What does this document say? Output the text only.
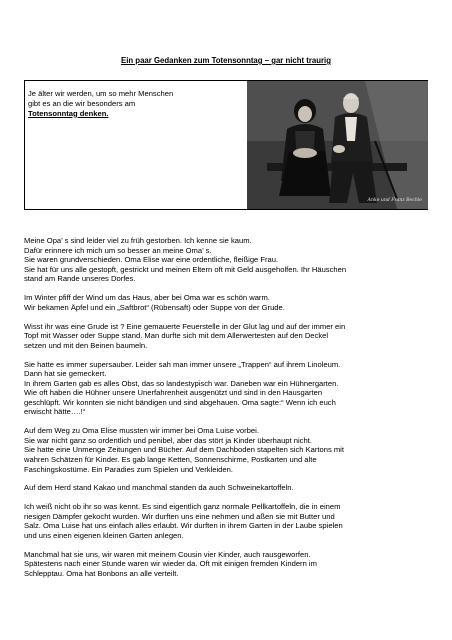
Ein paar Gedanken zum Totensonntag – gar nicht traurig
Je älter wir werden, um so mehr Menschen
gibt es an die wir besonders am
Totensonntag denken.
Anke und Franz Bechle

Meine Opa’ s sind leider viel zu früh gestorben. Ich kenne sie kaum.
Dafür erinnere ich mich um so besser an meine Oma’ s.
Sie waren grundverschieden. Oma Elise war eine ordentliche, fleißige Frau.
Sie hat für uns alle gestopft, gestrickt und meinen Eltern oft mit Geld ausgeholfen. Ihr Häuschen
stand am Rande unseres Dorfes.

Im Winter pfiff der Wind um das Haus, aber bei Oma war es schön warm.
Wir bekamen Äpfel und ein „Saftbrot“ (Rübensaft) oder Suppe von der Grude.

Wisst ihr was eine Grude ist ? Eine gemauerte Feuerstelle in der Glut lag und auf der immer ein
Topf mit Wasser oder Suppe stand. Man durfte sich mit dem Allerwertesten auf den Deckel
setzen und mit den Beinen baumeln.

Sie hatte es immer supersauber. Leider sah man immer unsere „Trappen“ auf ihrem Linoleum.
Dann hat sie gemeckert.
In ihrem Garten gab es alles Obst, das so landestypisch war. Daneben war ein Hühnergarten.
Wie oft haben die Hühner unsere Unerfahrenheit ausgenützt und sind in den Hausgarten
geschlüpft. Wir konnten sie nicht bändigen und sind abgehauen. Oma sagte:“ Wenn ich euch
erwischt hätte….!“

Auf dem Weg zu Oma Elise mussten wir immer bei Oma Luise vorbei.
Sie war nicht ganz so ordentlich und penibel, aber das stört ja Kinder überhaupt nicht.
Sie hatte eine Unmenge Zeitungen und Bücher. Auf dem Dachboden stapelten sich Kartons mit
wahren Schätzen für Kinder. Es gab lange Ketten, Sonnenschirme, Postkarten und alte
Faschingskostüme. Ein Paradies zum Spielen und Verkleiden.

Auf dem Herd stand Kakao und manchmal standen da auch Schweinekartoffeln.

Ich weiß nicht ob ihr so was kennt. Es sind eigentlich ganz normale Pellkartoffeln, die in einem
riesigen Dämpfer gekocht wurden. Wir durften uns eine nehmen und aßen sie mit Butter und
Salz. Oma Luise hat uns einfach alles erlaubt. Wir durften in ihrem Garten in der Laube spielen
und uns einen eigenen kleinen Garten anlegen.

Manchmal hat sie uns, wir waren mit meinem Cousin vier Kinder, auch rausgeworfen.
Spätestens nach einer Stunde waren wir wieder da. Oft mit einigen fremden Kindern im
Schlepptau. Oma hat Bonbons an alle verteilt.
